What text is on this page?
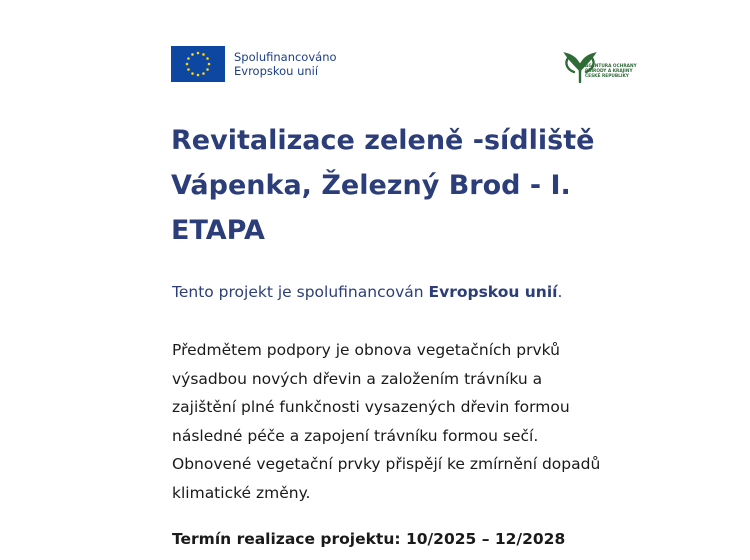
Spolufinancováno
Evropskou unií	AGENTURA OCHRANY
PŘÍRODY A KRAJINY
ČESKÉ REPUBLIKY
Revitalizace zeleně -sídliště
Vápenka, Železný Brod - I.
ETAPA

Tento projekt je spolufinancován Evropskou unií.

Předmětem podpory je obnova vegetačních prvků
výsadbou nových dřevin a založením trávníku a
zajištění plné funkčnosti vysazených dřevin formou
následné péče a zapojení trávníku formou sečí.
Obnovené vegetační prvky přispějí ke zmírnění dopadů
klimatické změny.

Termín realizace projektu: 10/2025 – 12/2028
